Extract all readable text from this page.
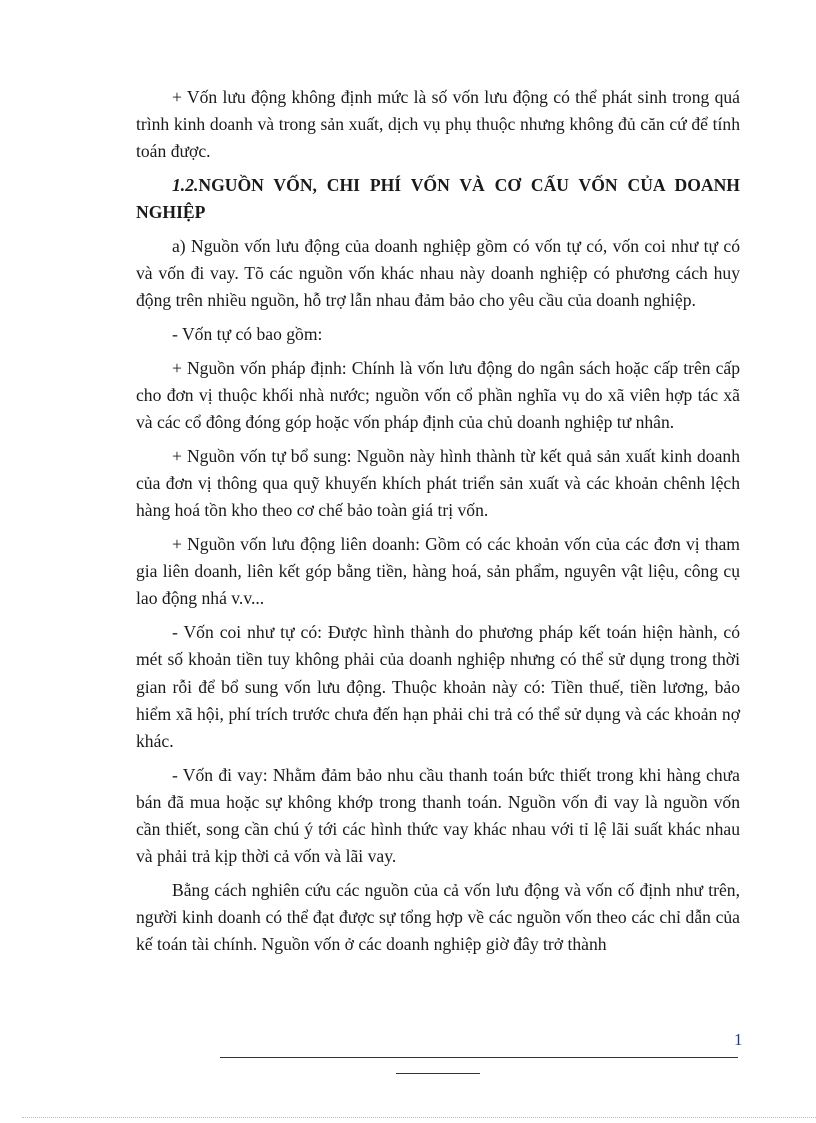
+ Vốn lưu động không định mức là số vốn lưu động có thể phát sinh trong quá trình kinh doanh và trong sản xuất, dịch vụ phụ thuộc nhưng không đủ căn cứ để tính toán được.

1.2.NGUỒN VỐN, CHI PHÍ VỐN VÀ CƠ CẤU VỐN CỦA DOANH NGHIỆP

a) Nguồn vốn lưu động của doanh nghiệp gồm có vốn tự có, vốn coi như tự có và vốn đi vay. Tõ các nguồn vốn khác nhau này doanh nghiệp có phương cách huy động trên nhiều nguồn, hỗ trợ lẫn nhau đảm bảo cho yêu cầu của doanh nghiệp.

- Vốn tự có bao gồm:

+ Nguồn vốn pháp định: Chính là vốn lưu động do ngân sách hoặc cấp trên cấp cho đơn vị thuộc khối nhà nước; nguồn vốn cổ phần nghĩa vụ do xã viên hợp tác xã và các cổ đông đóng góp hoặc vốn pháp định của chủ doanh nghiệp tư nhân.

+ Nguồn vốn tự bổ sung: Nguồn này hình thành từ kết quả sản xuất kinh doanh của đơn vị thông qua quỹ khuyến khích phát triển sản xuất và các khoản chênh lệch hàng hoá tồn kho theo cơ chế bảo toàn giá trị vốn.

+ Nguồn vốn lưu động liên doanh: Gồm có các khoản vốn của các đơn vị tham gia liên doanh, liên kết góp bằng tiền, hàng hoá, sản phẩm, nguyên vật liệu, công cụ lao động nhá v.v...

- Vốn coi như tự có: Được hình thành do phương pháp kết toán hiện hành, có mét số khoản tiền tuy không phải của doanh nghiệp nhưng có thể sử dụng trong thời gian rỗi để bổ sung vốn lưu động. Thuộc khoản này có: Tiền thuế, tiền lương, bảo hiểm xã hội, phí trích trước chưa đến hạn phải chi trả có thể sử dụng và các khoản nợ khác.

- Vốn đi vay: Nhằm đảm bảo nhu cầu thanh toán bức thiết trong khi hàng chưa bán đã mua hoặc sự không khớp trong thanh toán. Nguồn vốn đi vay là nguồn vốn cần thiết, song cần chú ý tới các hình thức vay khác nhau với tỉ lệ lãi suất khác nhau và phải trả kịp thời cả vốn và lãi vay.

Bằng cách nghiên cứu các nguồn của cả vốn lưu động và vốn cố định như trên, người kinh doanh có thể đạt được sự tổng hợp về các nguồn vốn theo các chỉ dẫn của kế toán tài chính. Nguồn vốn ở các doanh nghiệp giờ đây trở thành

1
